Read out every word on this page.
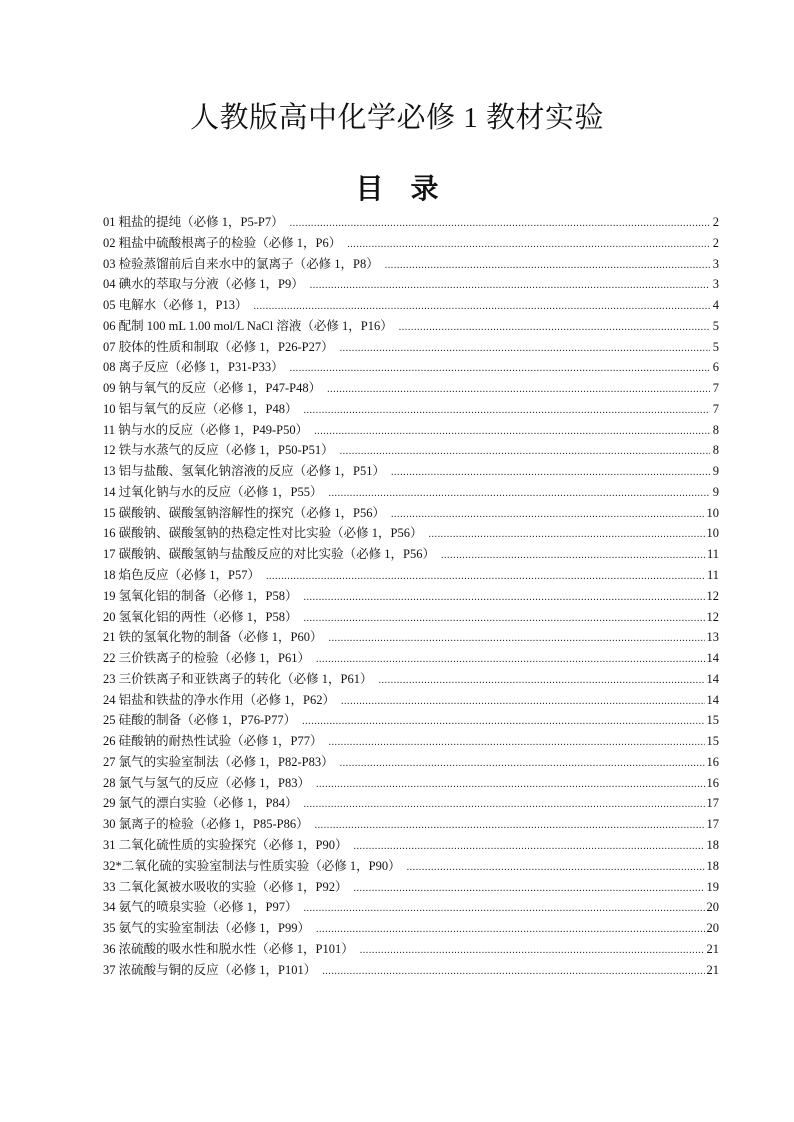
人教版高中化学必修 1 教材实验
目 录
01 粗盐的提纯（必修 1，P5-P7） .....	2
02 粗盐中硫酸根离子的检验（必修 1，P6） .....	2
03 检验蒸馏前后自来水中的氯离子（必修 1，P8） .....	3
04 碘水的萃取与分液（必修 1，P9） .....	3
05 电解水（必修 1，P13） .....	4
06 配制 100 mL 1.00 mol/L NaCl 溶液（必修 1，P16） .....	5
07 胶体的性质和制取（必修 1，P26-P27） .....	5
08 离子反应（必修 1，P31-P33） .....	6
09 钠与氧气的反应（必修 1，P47-P48） .....	7
10 铝与氧气的反应（必修 1，P48） .....	7
11 钠与水的反应（必修 1，P49-P50） .....	8
12 铁与水蒸气的反应（必修 1，P50-P51） .....	8
13 铝与盐酸、氢氧化钠溶液的反应（必修 1，P51） .....	9
14 过氧化钠与水的反应（必修 1，P55） .....	9
15 碳酸钠、碳酸氢钠溶解性的探究（必修 1，P56） .....	10
16 碳酸钠、碳酸氢钠的热稳定性对比实验（必修 1，P56） .....	10
17 碳酸钠、碳酸氢钠与盐酸反应的对比实验（必修 1，P56） .....	11
18 焰色反应（必修 1，P57） .....	11
19 氢氧化铝的制备（必修 1，P58） .....	12
20 氢氧化铝的两性（必修 1，P58） .....	12
21 铁的氢氧化物的制备（必修 1，P60） .....	13
22 三价铁离子的检验（必修 1，P61） .....	14
23 三价铁离子和亚铁离子的转化（必修 1，P61） .....	14
24 铝盐和铁盐的净水作用（必修 1，P62） .....	14
25 硅酸的制备（必修 1，P76-P77） .....	15
26 硅酸钠的耐热性试验（必修 1，P77） .....	15
27 氯气的实验室制法（必修 1，P82-P83） .....	16
28 氯气与氢气的反应（必修 1，P83） .....	16
29 氯气的漂白实验（必修 1，P84） .....	17
30 氯离子的检验（必修 1，P85-P86） .....	17
31 二氧化硫性质的实验探究（必修 1，P90） .....	18
32*二氧化硫的实验室制法与性质实验（必修 1，P90） .....	18
33 二氧化氮被水吸收的实验（必修 1，P92） .....	19
34 氨气的喷泉实验（必修 1，P97） .....	20
35 氨气的实验室制法（必修 1，P99） .....	20
36 浓硫酸的吸水性和脱水性（必修 1，P101） .....	21
37 浓硫酸与铜的反应（必修 1，P101） .....	21
